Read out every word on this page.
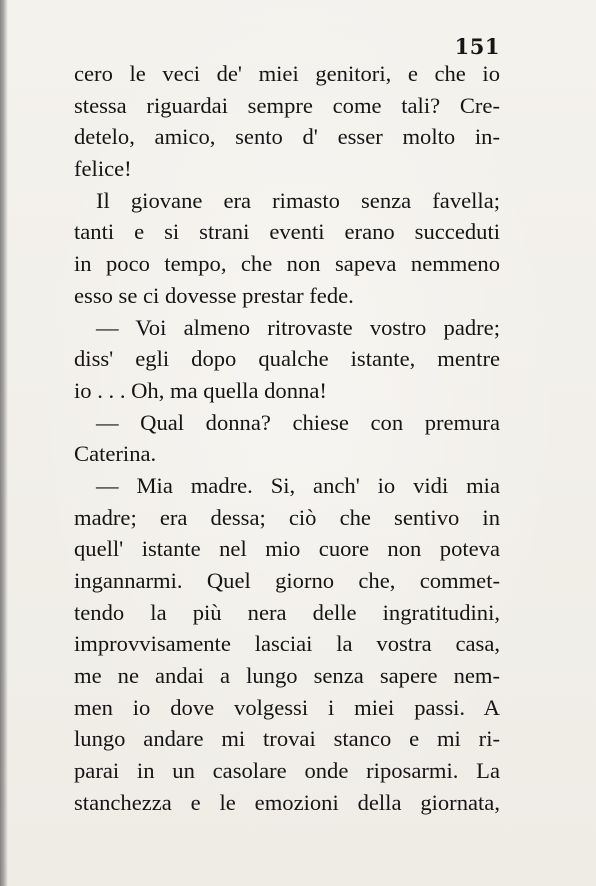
151
cero le veci de' miei genitori, e che io
stessa riguardai sempre come tali? Cre-
detelo, amico, sento d' esser molto in-
felice!
Il giovane era rimasto senza favella;
tanti e si strani eventi erano succeduti
in poco tempo, che non sapeva nemmeno
esso se ci dovesse prestar fede.
— Voi almeno ritrovaste vostro padre;
diss' egli dopo qualche istante, mentre
io . . . Oh, ma quella donna!
— Qual donna? chiese con premura
Caterina.
— Mia madre. Si, anch' io vidi mia
madre; era dessa; ciò che sentivo in
quell' istante nel mio cuore non poteva
ingannarmi. Quel giorno che, commet-
tendo la più nera delle ingratitudini,
improvvisamente lasciai la vostra casa,
me ne andai a lungo senza sapere nem-
men io dove volgessi i miei passi. A
lungo andare mi trovai stanco e mi ri-
parai in un casolare onde riposarmi. La
stanchezza e le emozioni della giornata,
